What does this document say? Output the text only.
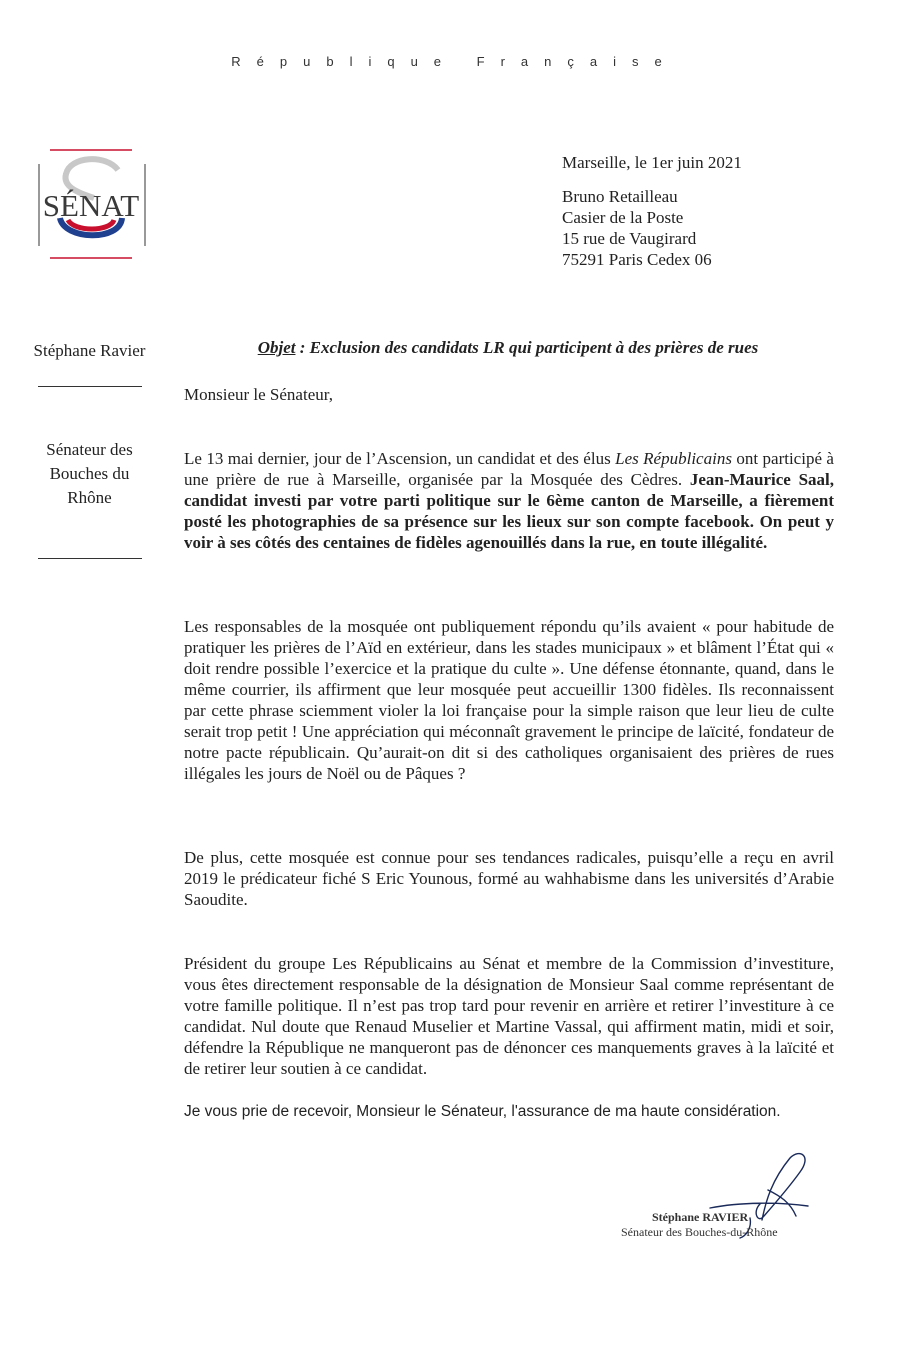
République Française
SÉNAT
Marseille, le 1er juin 2021
Bruno Retailleau
Casier de la Poste
15 rue de Vaugirard
75291 Paris Cedex 06
Stéphane Ravier
Sénateur des
Bouches du
Rhône
Objet : Exclusion des candidats LR qui participent à des prières de rues
Monsieur le Sénateur,
Le 13 mai dernier, jour de l’Ascension, un candidat et des élus Les Républicains ont participé à une prière de rue à Marseille, organisée par la Mosquée des Cèdres. Jean-Maurice Saal, candidat investi par votre parti politique sur le 6ème canton de Marseille, a fièrement posté les photographies de sa présence sur les lieux sur son compte facebook. On peut y voir à ses côtés des centaines de fidèles agenouillés dans la rue, en toute illégalité.
Les responsables de la mosquée ont publiquement répondu qu’ils avaient « pour habitude de pratiquer les prières de l’Aïd en extérieur, dans les stades municipaux » et blâment l’État qui « doit rendre possible l’exercice et la pratique du culte ». Une défense étonnante, quand, dans le même courrier, ils affirment que leur mosquée peut accueillir 1300 fidèles. Ils reconnaissent par cette phrase sciemment violer la loi française pour la simple raison que leur lieu de culte serait trop petit ! Une appréciation qui méconnaît gravement le principe de laïcité, fondateur de notre pacte républicain. Qu’aurait-on dit si des catholiques organisaient des prières de rues illégales les jours de Noël ou de Pâques ?
De plus, cette mosquée est connue pour ses tendances radicales, puisqu’elle a reçu en avril 2019 le prédicateur fiché S Eric Younous, formé au wahhabisme dans les universités d’Arabie Saoudite.
Président du groupe Les Républicains au Sénat et membre de la Commission d’investiture, vous êtes directement responsable de la désignation de Monsieur Saal comme représentant de votre famille politique. Il n’est pas trop tard pour revenir en arrière et retirer l’investiture à ce candidat. Nul doute que Renaud Muselier et Martine Vassal, qui affirment matin, midi et soir, défendre la République ne manqueront pas de dénoncer ces manquements graves à la laïcité et de retirer leur soutien à ce candidat.
Je vous prie de recevoir, Monsieur le Sénateur, l'assurance de ma haute considération.
Stéphane RAVIER
Sénateur des Bouches-du-Rhône
